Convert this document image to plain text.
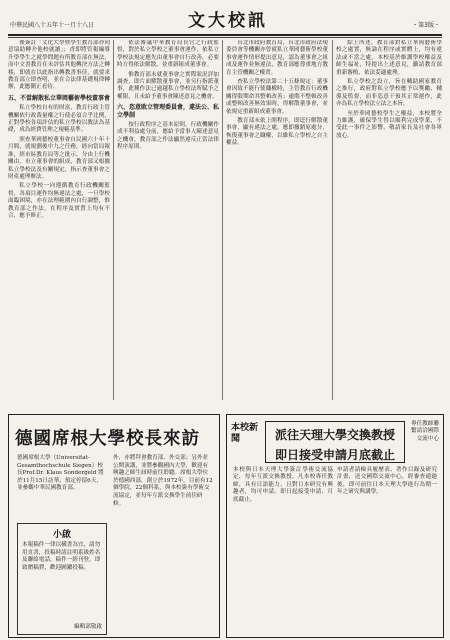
中華民國八十五年十一月十八日	文大校訊	・第3版・

後簽註「文化大學暨學生教育部亦同意協助轉介他校就讀」；香即將管報編導升學學生之就學問題有所教育部在無法，而中文書教育在未評估其他轉決方法之轉移，即就在以此指出轉教書事佳，就要求教育部立即查明，並在合法律基礎規律轉辦，此應側正看待。

五、不當解散私立華岡藝術學校董事會

私立學校自有的財富，教育行政主管機關依行政裁量權之行使必須合乎比例，正對學校各項評估的私立學校以教法為基礎，成為經費管理之規範基準。

照查華岡藝校董事會自民國六十年十月間，就規劃後中九之任務，經向當局報准，經市區教育局等之批示，分由上行機關由，市立董事會的組成，教育部又根據私立學校法及有關規定，指示查董事會之財產處理辦法。

私立學校一向遵循教育行政機關監督，各項目運作均無違法之處，一旦學校面臨困境，亦在法理範圍內自行調整，惟教育部之作法，在程序及實質上均有不合，應予修正。

依法審議中華教育局長官之行政監督，對於私立學校之董事會運作，依私立學校法規定應先由董事會自行改善，必要時方得依法解散，並重新組成董事會。

惟教育部未就董事會之實際狀況詳加調查，即片面解散董事會，並另行指派董事，此種作法已逾越私立學校法所賦予之權限，且未給予董事會陳述意見之機會。

六、恣意敗立管理委員會，違法公、私立學制

按行政程序之基本原則，行政機關作成不利益處分前，應給予當事人陳述意見之機會，教育部之作法顯然違反正當法律程序原則。

台北市政府教育局，台北市政府法規委員會等機關亦曾就私立華岡藝術學校董事會運作情形提出意見，認為董事會之組成及運作並無違法，教育部應尊重地方教育主管機關之權責。

查私立學校法第二十五條規定：董事會因故不能行使職權時，主管教育行政機關得限期命其整頓改善；逾期不整頓改善或整頓改善無效果時，得解散董事會，並依規定重新組成董事會。

教育部未依上開程序，即逕行解散董事會，顯有違法之處，應即撤銷原處分，恢復董事會之職權，以維私立學校之自主權益。

綜上所述，教育部對私立華岡藝術學校之處置，無論在程序或實體上，均有違法或不當之處，本校基於維護學校權益及師生福祉，特提出上述意見，籲請教育部重新審酌，依法妥適處理。

私立學校之設立，旨在輔助國家教育之推行，政府對私立學校應予以獎勵、輔導及監督，而非恣意干預其正常運作，此亦為私立學校法立法之本旨。

至於華岡藝校學生之權益，本校將全力維護，確保學生得以順利完成學業，不受此一事件之影響，敬請家長及社會各界放心。

德國席根大學校長來訪
德國席根大學（Universitat-Gesamthochschule Siegen）校長Prof.Dr. Klaus Sondergeld 將於11月15日訪華，預定停留6天，並參觀中華民國教育部。
外，亦將拜會教育部、外交部；另外並公開演講，並將參觀國內大學，歡迎有興趣之師生屆時前往聆聽。席根大學位於德國西部，創立於1972年，目前有12個學院、22個科系，與本校簽有學術交流協定，並每年互派交換學生前往研修。
小啟
本報稿件一律以橫書為宜，請勿用直書，投稿時請註明系級姓名及聯絡電話，稿件一經刊登，即致贈稿費，歡迎踴躍投稿。
編輯部敬啟
本校新聞	派往天理大學交換教授
即日接受申請月底截止
專任教師聯繫請洽國際交流中心
本校與日本天理大學簽訂學術交流協定，每年互派交換教授。凡本校專任教師，具有日語能力，且對日本研究有興趣者，均可申請。即日起接受申請，月底截止。
申請者請檢具履歷表、著作目錄及研究計畫，送交國際交流中心，經審查通過後，即可前往日本天理大學進行為期一年之研究與講學。
